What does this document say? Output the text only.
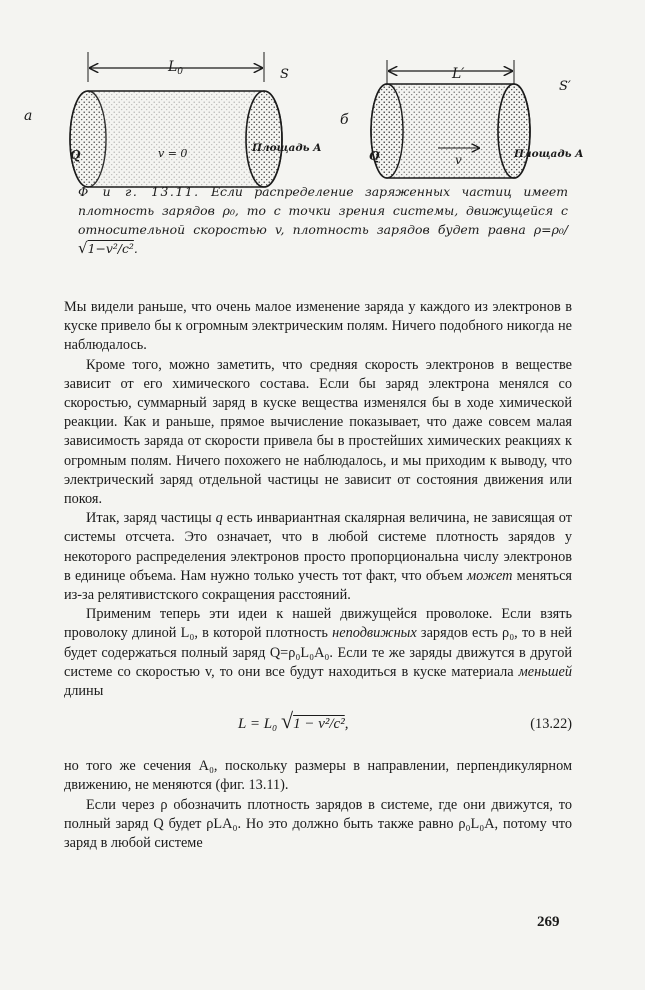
а
$L_0$	S
Q	v = 0	Площадь A
б
L′
S′
Q	v	Площадь A
Ф и г. 13.11. Если распределение заряженных частиц имеет плотность зарядов ρ₀, то с точки зрения системы, движущейся с относительной скоростью v, плотность зарядов будет равна ρ=ρ₀/√1−v²/c².

Мы видели раньше, что очень малое изменение заряда у каждого из электронов в куске привело бы к огромным электрическим полям. Ничего подобного никогда не наблюдалось.

Кроме того, можно заметить, что средняя скорость электронов в веществе зависит от его химического состава. Если бы заряд электрона менялся со скоростью, суммарный заряд в куске вещества изменялся бы в ходе химической реакции. Как и раньше, прямое вычисление показывает, что даже совсем малая зависимость заряда от скорости привела бы в простейших химических реакциях к огромным полям. Ничего похожего не наблюдалось, и мы приходим к выводу, что электрический заряд отдельной частицы не зависит от состояния движения или покоя.

Итак, заряд частицы q есть инвариантная скалярная величина, не зависящая от системы отсчета. Это означает, что в любой системе плотность зарядов у некоторого распределения электронов просто пропорциональна числу электронов в единице объема. Нам нужно только учесть тот факт, что объем может меняться из-за релятивистского сокращения расстояний.

Применим теперь эти идеи к нашей движущейся проволоке. Если взять проволоку длиной L₀, в которой плотность неподвижных зарядов есть ρ₀, то в ней будет содержаться полный заряд Q=ρ₀L₀A₀. Если те же заряды движутся в другой системе со скоростью v, то они все будут находиться в куске материала меньшей длины

L = L₀ √1 − v²/c²,	(13.22)

но того же сечения A₀, поскольку размеры в направлении, перпендикулярном движению, не меняются (фиг. 13.11).

Если через ρ обозначить плотность зарядов в системе, где они движутся, то полный заряд Q будет ρLA₀. Но это должно быть также равно ρ₀L₀A, потому что заряд в любой системе

269
